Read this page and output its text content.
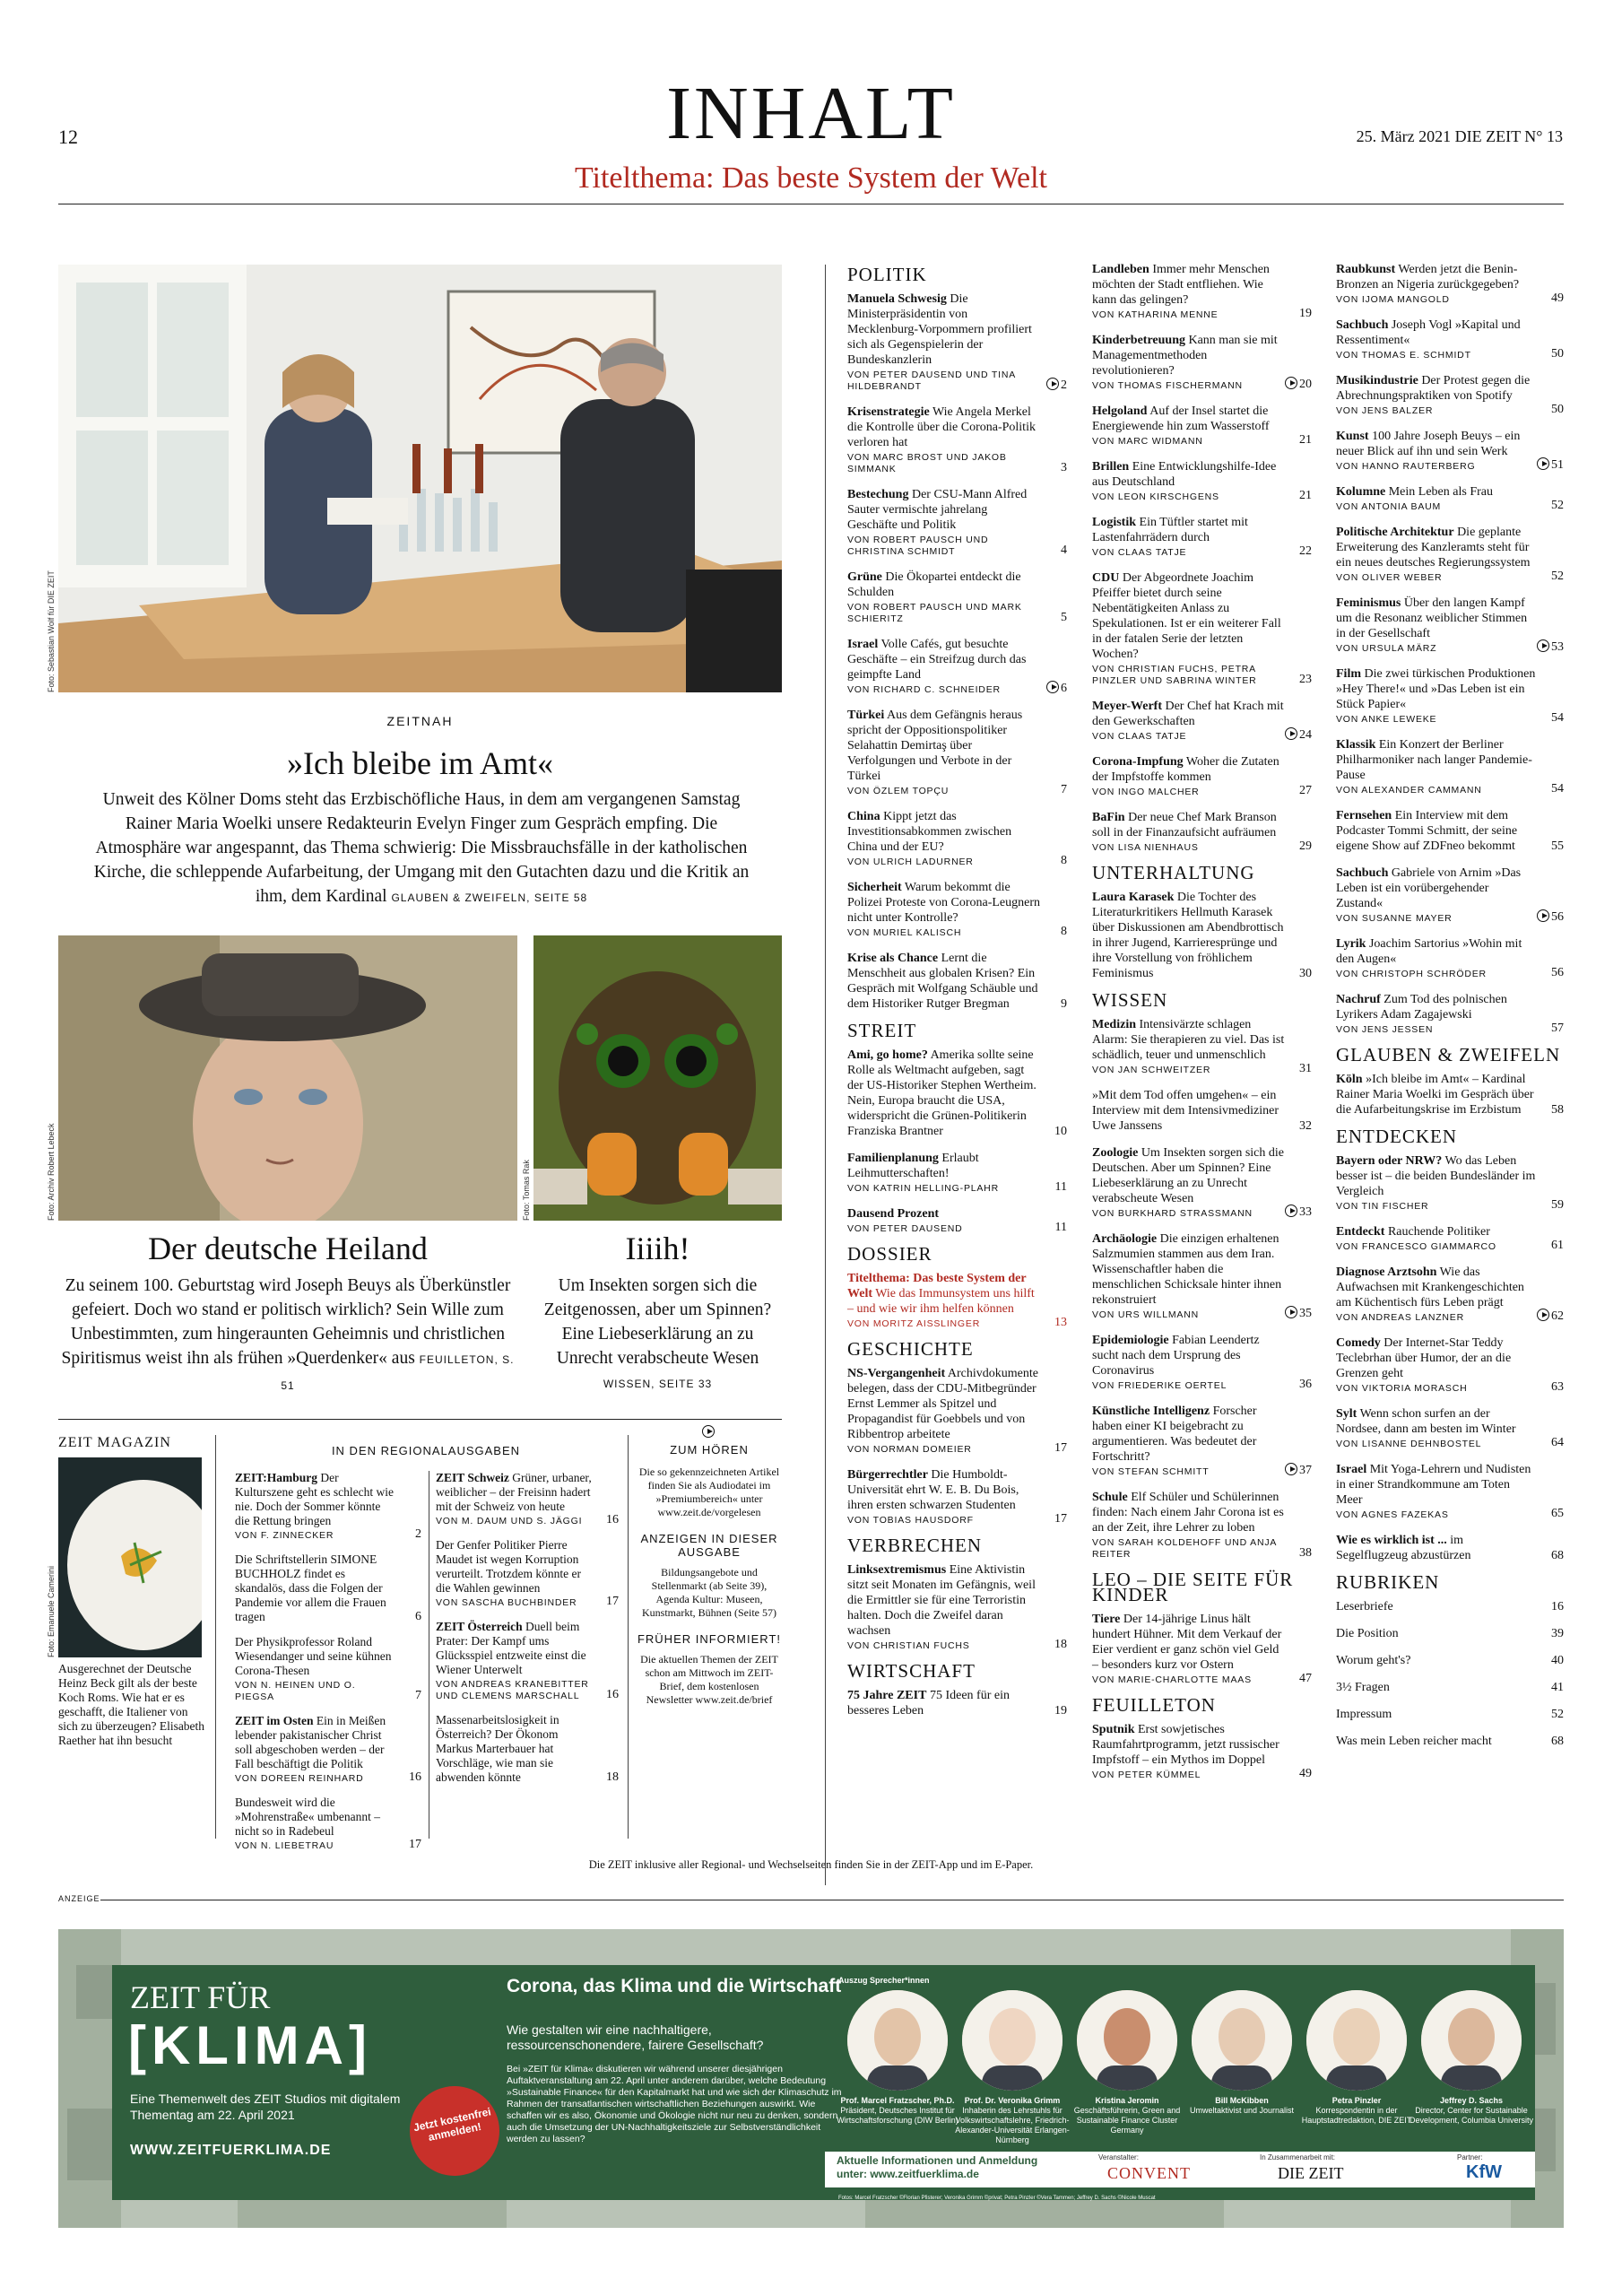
12	INHALT	25. März 2021 DIE ZEIT N° 13
Titelthema: Das beste System der Welt
Foto: Sebastian Wolf für DIE ZEIT
ZEITNAH
»Ich bleibe im Amt«
Unweit des Kölner Doms steht das Erzbischöfliche Haus, in dem am vergangenen Samstag Rainer Maria Woelki unsere Redakteurin Evelyn Finger zum Gespräch empfing. Die Atmosphäre war angespannt, das Thema schwierig: Die Missbrauchsfälle in der katholischen Kirche, die schleppende Aufarbeitung, der Umgang mit den Gutachten dazu und die Kritik an ihm, dem Kardinal GLAUBEN & ZWEIFELN, SEITE 58
Foto: Archiv Robert Lebeck
Der deutsche Heiland
Zu seinem 100. Geburtstag wird Joseph Beuys als Überkünstler gefeiert. Doch wo stand er politisch wirklich? Sein Wille zum Unbestimmten, zum hingeraunten Geheimnis und christlichen Spiritismus weist ihn als frühen »Querdenker« aus FEUILLETON, S. 51
Foto: Tomas Rak
Iiiih!
Um Insekten sorgen sich die Zeitgenossen, aber um Spinnen? Eine Liebeserklärung an zu Unrecht verabscheute Wesen WISSEN, SEITE 33
ZEIT MAGAZIN
Foto: Emanuele Camerini
Ausgerechnet der Deutsche Heinz Beck gilt als der beste Koch Roms. Wie hat er es geschafft, die Italiener von sich zu überzeugen? Elisabeth Raether hat ihn besucht
IN DEN REGIONALAUSGABEN
ZEIT:Hamburg Der Kulturszene geht es schlecht wie nie. Doch der Sommer könnte die Rettung bringen
VON F. ZINNECKER	2
Die Schriftstellerin SIMONE BUCHHOLZ findet es skandalös, dass die Folgen der Pandemie vor allem die Frauen tragen	6
Der Physikprofessor Roland Wiesendanger und seine kühnen Corona-Thesen
VON N. HEINEN UND O. PIEGSA	7
ZEIT im Osten Ein in Meißen lebender pakistanischer Christ soll abgeschoben werden – der Fall beschäftigt die Politik
VON DOREEN REINHARD	16
Bundesweit wird die »Mohrenstraße« umbenannt – nicht so in Radebeul
VON N. LIEBETRAU	17
ZEIT Schweiz Grüner, urbaner, weiblicher – der Freisinn hadert mit der Schweiz von heute
VON M. DAUM UND S. JÄGGI	16
Der Genfer Politiker Pierre Maudet ist wegen Korruption verurteilt. Trotzdem könnte er die Wahlen gewinnen
VON SASCHA BUCHBINDER	17
ZEIT Österreich Duell beim Prater: Der Kampf ums Glücksspiel entzweite einst die Wiener Unterwelt
VON ANDREAS KRANEBITTER UND CLEMENS MARSCHALL	16
Massenarbeitslosigkeit in Österreich? Der Ökonom Markus Marterbauer hat Vorschläge, wie man sie abwenden könnte	18
ZUM HÖREN
Die so gekennzeichneten Artikel finden Sie als Audiodatei im »Premiumbereich« unter www.zeit.de/vorgelesen
ANZEIGEN IN DIESER AUSGABE
Bildungsangebote und Stellenmarkt (ab Seite 39), Agenda Kultur: Museen, Kunstmarkt, Bühnen (Seite 57)
FRÜHER INFORMIERT!
Die aktuellen Themen der ZEIT schon am Mittwoch im ZEIT-Brief, dem kostenlosen Newsletter www.zeit.de/brief
Die ZEIT inklusive aller Regional- und Wechselseiten finden Sie in der ZEIT-App und im E-Paper.
POLITIK
Manuela Schwesig Die Ministerpräsidentin von Mecklenburg-Vorpommern profiliert sich als Gegenspielerin der Bundeskanzlerin
VON PETER DAUSEND UND TINA HILDEBRANDT	2
Krisenstrategie Wie Angela Merkel die Kontrolle über die Corona-Politik verloren hat
VON MARC BROST UND JAKOB SIMMANK	3
Bestechung Der CSU-Mann Alfred Sauter vermischte jahrelang Geschäfte und Politik
VON ROBERT PAUSCH UND CHRISTINA SCHMIDT	4
Grüne Die Ökopartei entdeckt die Schulden
VON ROBERT PAUSCH UND MARK SCHIERITZ	5
Israel Volle Cafés, gut besuchte Geschäfte – ein Streifzug durch das geimpfte Land
VON RICHARD C. SCHNEIDER	6
Türkei Aus dem Gefängnis heraus spricht der Oppositionspolitiker Selahattin Demirtaş über Verfolgungen und Verbote in der Türkei
VON ÖZLEM TOPÇU	7
China Kippt jetzt das Investitionsabkommen zwischen China und der EU?
VON ULRICH LADURNER	8
Sicherheit Warum bekommt die Polizei Proteste von Corona-Leugnern nicht unter Kontrolle?
VON MURIEL KALISCH	8
Krise als Chance Lernt die Menschheit aus globalen Krisen? Ein Gespräch mit Wolfgang Schäuble und dem Historiker Rutger Bregman	9
STREIT
Ami, go home? Amerika sollte seine Rolle als Weltmacht aufgeben, sagt der US-Historiker Stephen Wertheim. Nein, Europa braucht die USA, widerspricht die Grünen-Politikerin Franziska Brantner	10
Familienplanung Erlaubt Leihmutterschaften!
VON KATRIN HELLING-PLAHR	11
Dausend Prozent
VON PETER DAUSEND	11
DOSSIER
Titelthema: Das beste System der Welt Wie das Immunsystem uns hilft – und wie wir ihm helfen können
VON MORITZ AISSLINGER	13
GESCHICHTE
NS-Vergangenheit Archivdokumente belegen, dass der CDU-Mitbegründer Ernst Lemmer als Spitzel und Propagandist für Goebbels und von Ribbentrop arbeitete
VON NORMAN DOMEIER	17
Bürgerrechtler Die Humboldt-Universität ehrt W. E. B. Du Bois, ihren ersten schwarzen Studenten
VON TOBIAS HAUSDORF	17
VERBRECHEN
Linksextremismus Eine Aktivistin sitzt seit Monaten im Gefängnis, weil die Ermittler sie für eine Terroristin halten. Doch die Zweifel daran wachsen
VON CHRISTIAN FUCHS	18
WIRTSCHAFT
75 Jahre ZEIT 75 Ideen für ein besseres Leben	19
Landleben Immer mehr Menschen möchten der Stadt entfliehen. Wie kann das gelingen?
VON KATHARINA MENNE	19
Kinderbetreuung Kann man sie mit Managementmethoden revolutionieren?
VON THOMAS FISCHERMANN	20
Helgoland Auf der Insel startet die Energiewende hin zum Wasserstoff
VON MARC WIDMANN	21
Brillen Eine Entwicklungshilfe-Idee aus Deutschland
VON LEON KIRSCHGENS	21
Logistik Ein Tüftler startet mit Lastenfahrrädern durch
VON CLAAS TATJE	22
CDU Der Abgeordnete Joachim Pfeiffer bietet durch seine Nebentätigkeiten Anlass zu Spekulationen. Ist er ein weiterer Fall in der fatalen Serie der letzten Wochen?
VON CHRISTIAN FUCHS, PETRA PINZLER UND SABRINA WINTER	23
Meyer-Werft Der Chef hat Krach mit den Gewerkschaften
VON CLAAS TATJE	24
Corona-Impfung Woher die Zutaten der Impfstoffe kommen
VON INGO MALCHER	27
BaFin Der neue Chef Mark Branson soll in der Finanzaufsicht aufräumen
VON LISA NIENHAUS	29
UNTERHALTUNG
Laura Karasek Die Tochter des Literaturkritikers Hellmuth Karasek über Diskussionen am Abendbrottisch in ihrer Jugend, Karrieresprünge und ihre Vorstellung von fröhlichem Feminismus	30
WISSEN
Medizin Intensivärzte schlagen Alarm: Sie therapieren zu viel. Das ist schädlich, teuer und unmenschlich
VON JAN SCHWEITZER	31
»Mit dem Tod offen umgehen« – ein Interview mit dem Intensivmediziner Uwe Janssens	32
Zoologie Um Insekten sorgen sich die Deutschen. Aber um Spinnen? Eine Liebeserklärung an zu Unrecht verabscheute Wesen
VON BURKHARD STRASSMANN	33
Archäologie Die einzigen erhaltenen Salzmumien stammen aus dem Iran. Wissenschaftler haben die menschlichen Schicksale hinter ihnen rekonstruiert
VON URS WILLMANN	35
Epidemiologie Fabian Leendertz sucht nach dem Ursprung des Coronavirus
VON FRIEDERIKE OERTEL	36
Künstliche Intelligenz Forscher haben einer KI beigebracht zu argumentieren. Was bedeutet der Fortschritt?
VON STEFAN SCHMITT	37
Schule Elf Schüler und Schülerinnen finden: Nach einem Jahr Corona ist es an der Zeit, ihre Lehrer zu loben
VON SARAH KOLDEHOFF UND ANJA REITER	38
LEO – DIE SEITE FÜR KINDER
Tiere Der 14-jährige Linus hält hundert Hühner. Mit dem Verkauf der Eier verdient er ganz schön viel Geld – besonders kurz vor Ostern
VON MARIE-CHARLOTTE MAAS	47
FEUILLETON
Sputnik Erst sowjetisches Raumfahrtprogramm, jetzt russischer Impfstoff – ein Mythos im Doppel
VON PETER KÜMMEL	49
Raubkunst Werden jetzt die Benin-Bronzen an Nigeria zurückgegeben?
VON IJOMA MANGOLD	49
Sachbuch Joseph Vogl »Kapital und Ressentiment«
VON THOMAS E. SCHMIDT	50
Musikindustrie Der Protest gegen die Abrechnungspraktiken von Spotify
VON JENS BALZER	50
Kunst 100 Jahre Joseph Beuys – ein neuer Blick auf ihn und sein Werk
VON HANNO RAUTERBERG	51
Kolumne Mein Leben als Frau
VON ANTONIA BAUM	52
Politische Architektur Die geplante Erweiterung des Kanzleramts steht für ein neues deutsches Regierungssystem
VON OLIVER WEBER	52
Feminismus Über den langen Kampf um die Resonanz weiblicher Stimmen in der Gesellschaft
VON URSULA MÄRZ	53
Film Die zwei türkischen Produktionen »Hey There!« und »Das Leben ist ein Stück Papier«
VON ANKE LEWEKE	54
Klassik Ein Konzert der Berliner Philharmoniker nach langer Pandemie-Pause
VON ALEXANDER CAMMANN	54
Fernsehen Ein Interview mit dem Podcaster Tommi Schmitt, der seine eigene Show auf ZDFneo bekommt	55
Sachbuch Gabriele von Arnim »Das Leben ist ein vorübergehender Zustand«
VON SUSANNE MAYER	56
Lyrik Joachim Sartorius »Wohin mit den Augen«
VON CHRISTOPH SCHRÖDER	56
Nachruf Zum Tod des polnischen Lyrikers Adam Zagajewski
VON JENS JESSEN	57
GLAUBEN & ZWEIFELN
Köln »Ich bleibe im Amt« – Kardinal Rainer Maria Woelki im Gespräch über die Aufarbeitungskrise im Erzbistum 58
ENTDECKEN
Bayern oder NRW? Wo das Leben besser ist – die beiden Bundesländer im Vergleich
VON TIN FISCHER	59
Entdeckt Rauchende Politiker
VON FRANCESCO GIAMMARCO	61
Diagnose Arztsohn Wie das Aufwachsen mit Krankengeschichten am Küchentisch fürs Leben prägt
VON ANDREAS LANZNER	62
Comedy Der Internet-Star Teddy Teclebrhan über Humor, der an die Grenzen geht
VON VIKTORIA MORASCH	63
Sylt Wenn schon surfen an der Nordsee, dann am besten im Winter
VON LISANNE DEHNBOSTEL	64
Israel Mit Yoga-Lehrern und Nudisten in einer Strandkommune am Toten Meer
VON AGNES FAZEKAS	65
Wie es wirklich ist ... im Segelflugzeug abzustürzen	68
RUBRIKEN
Leserbriefe	16
Die Position	39
Worum geht's?	40
3½ Fragen	41
Impressum	52
Was mein Leben reicher macht	68
ANZEIGE
ZEIT FÜR
[KLIMA]
Eine Themenwelt des ZEIT Studios mit digitalem Thementag am 22. April 2021
WWW.ZEITFUERKLIMA.DE
Jetzt kostenfrei anmelden!
Corona, das Klima und die Wirtschaft
Wie gestalten wir eine nachhaltigere, ressourcenschonendere, fairere Gesellschaft?
Bei »ZEIT für Klima« diskutieren wir während unserer diesjährigen Auftaktveranstaltung am 22. April unter anderem darüber, welche Bedeutung »Sustainable Finance« für den Kapitalmarkt hat und wie sich der Klimaschutz im Rahmen der transatlantischen wirtschaftlichen Beziehungen auswirkt. Wie schaffen wir es also, Ökonomie und Ökologie nicht nur neu zu denken, sondern auch die Umsetzung der UN-Nachhaltigkeitsziele zur Selbstverständlichkeit werden zu lassen?
Auszug Sprecher*innen
Prof. Marcel Fratzscher, Ph.D.
Präsident, Deutsches Institut für Wirtschaftsforschung (DIW Berlin)
Prof. Dr. Veronika Grimm
Inhaberin des Lehrstuhls für Volkswirtschaftslehre, Friedrich-Alexander-Universität Erlangen-Nürnberg
Kristina Jeromin
Geschäftsführerin, Green and Sustainable Finance Cluster Germany
Bill McKibben
Umweltaktivist und Journalist
Petra Pinzler
Korrespondentin in der Hauptstadtredaktion, DIE ZEIT
Jeffrey D. Sachs
Director, Center for Sustainable Development, Columbia University
Aktuelle Informationen und Anmeldung unter: www.zeitfuerklima.de
Veranstalter:
CONVENT
In Zusammenarbeit mit:
DIE ZEIT
Partner:
KfW
Fotos: Marcel Fratzscher ©Florian Pfisterer; Veronika Grimm ©privat; Petra Pinzler ©Vera Tammen; Jeffrey D. Sachs ©Nicole Muscat
